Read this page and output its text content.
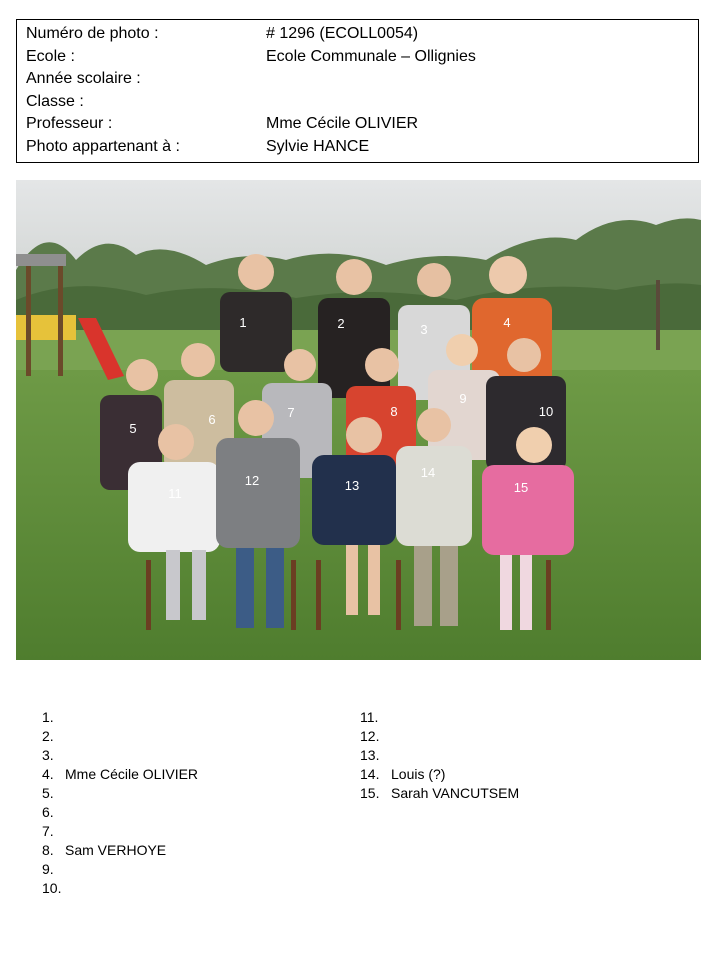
Numéro de photo :	# 1296 (ECOLL0054)
Ecole :	Ecole Communale – Ollignies
Année scolaire :
Classe :
Professeur :	Mme Cécile OLIVIER
Photo appartenant à :	Sylvie HANCE
1	2	3	4
5
6	7	8
9
10
11
12	13
14
15
1.
2.
3.
4. Mme Cécile OLIVIER
5.
6.
7.
8. Sam VERHOYE
9.
10.
11.
12.
13.
14. Louis (?)
15. Sarah VANCUTSEM
